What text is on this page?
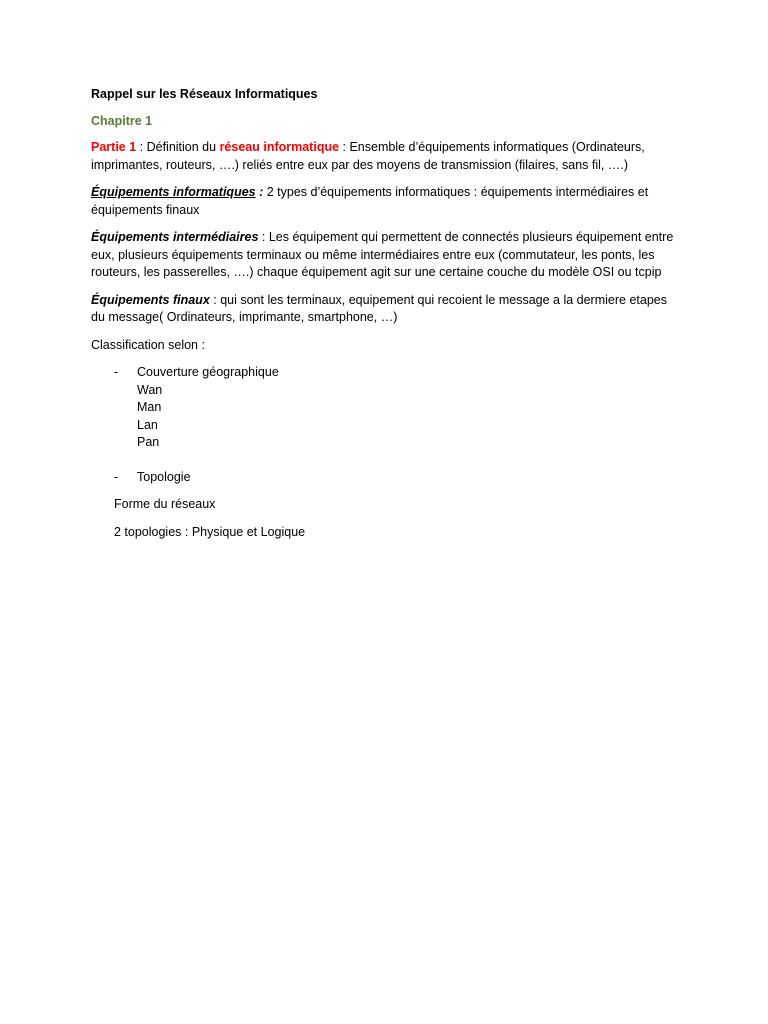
Rappel sur les Réseaux Informatiques

Chapitre 1

Partie 1 : Définition du réseau informatique : Ensemble d’équipements informatiques (Ordinateurs, imprimantes, routeurs, ….) reliés entre eux par des moyens de transmission (filaires, sans fil, ….)

Équipements informatiques : 2 types d’équipements informatiques : équipements intermédiaires et équipements finaux

Équipements intermédiaires : Les équipement qui permettent de connectés plusieurs équipement entre eux, plusieurs équipements terminaux ou même intermédiaires entre eux (commutateur, les ponts, les routeurs, les passerelles, ….) chaque équipement agit sur une certaine couche du modèle OSI ou tcpip

Équipements finaux : qui sont les terminaux, equipement qui recoient le message a la dermiere etapes du message( Ordinateurs, imprimante, smartphone, …)

Classification selon :

- Couverture géographique
Wan
Man
Lan
Pan
- Topologie

Forme du réseaux

2 topologies : Physique et Logique
